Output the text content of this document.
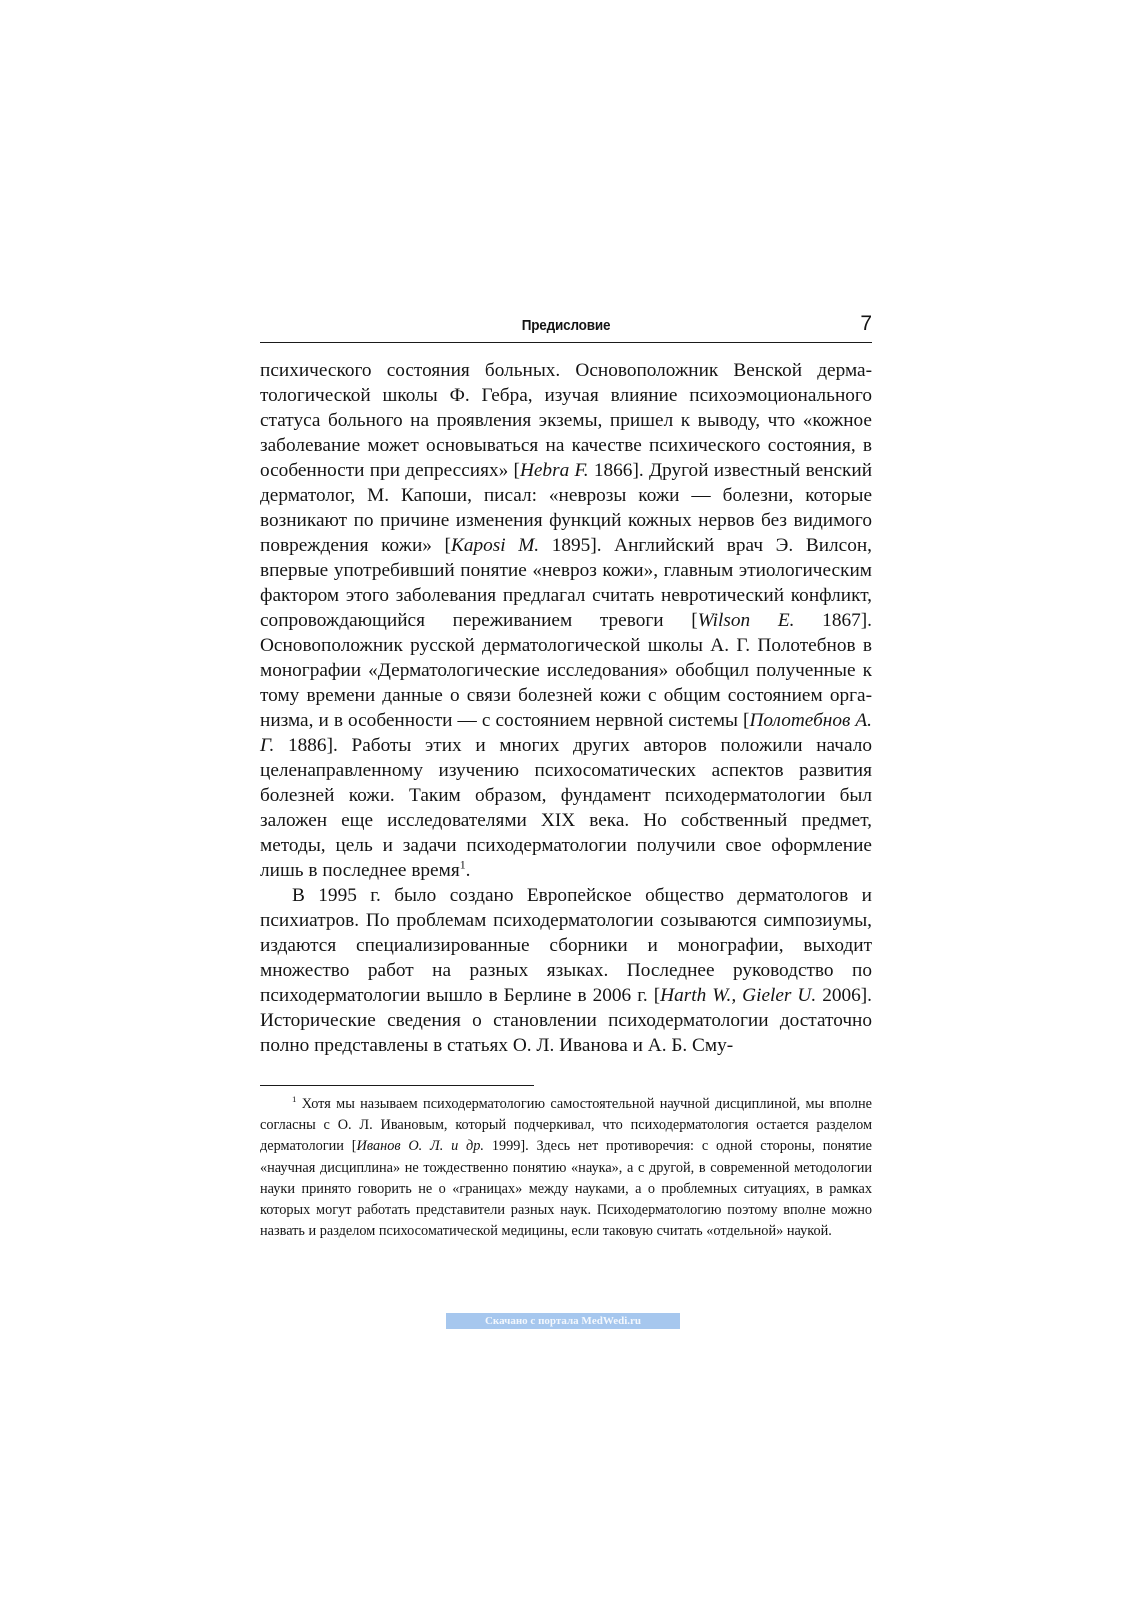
Предисловие	7

психического состояния больных. Основоположник Венской дерматологической школы Ф. Гебра, изучая влияние психоэмоционального статуса больного на проявления экземы, пришел к выводу, что «кожное заболевание может основываться на качестве психического состояния, в особенности при депрессиях» [Hebra F. 1866]. Другой известный венский дерматолог, М. Капоши, писал: «неврозы кожи — болезни, которые возникают по причине изменения функций кожных нервов без видимого повреждения кожи» [Kaposi M. 1895]. Английский врач Э. Вилсон, впервые употребивший понятие «невроз кожи», главным этиологическим фактором этого заболевания предлагал считать невротический конфликт, сопровождающийся переживанием тревоги [Wilson E. 1867]. Основоположник русской дерматологической школы А. Г. Полотебнов в монографии «Дерматологические исследования» обобщил полученные к тому времени данные о связи болезней кожи с общим состоянием организма, и в особенности — с состоянием нервной системы [Полотебнов А. Г. 1886]. Работы этих и многих других авторов положили начало целенаправленному изучению психосоматических аспектов развития болезней кожи. Таким образом, фундамент психодерматологии был заложен еще исследователями XIX века. Но собственный предмет, методы, цель и задачи психодерматологии получили свое оформление лишь в последнее время$^1$.

В 1995 г. было создано Европейское общество дерматологов и психиатров. По проблемам психодерматологии созываются симпозиумы, издаются специализированные сборники и монографии, выходит множество работ на разных языках. Последнее руководство по психодерматологии вышло в Берлине в 2006 г. [Harth W., Gieler U. 2006]. Исторические сведения о становлении психодерматологии достаточно полно представлены в статьях О. Л. Иванова и А. Б. Сму-

$^1$ Хотя мы называем психодерматологию самостоятельной научной дисциплиной, мы вполне согласны с О. Л. Ивановым, который подчеркивал, что психодерматология остается разделом дерматологии [Иванов О. Л. и др. 1999]. Здесь нет противоречия: с одной стороны, понятие «научная дисциплина» не тождественно понятию «наука», а с другой, в современной методологии науки принято говорить не о «границах» между науками, а о проблемных ситуациях, в рамках которых могут работать представители разных наук. Психодерматологию поэтому вполне можно назвать и разделом психосоматической медицины, если таковую считать «отдельной» наукой.
Скачано с портала MedWedi.ru
